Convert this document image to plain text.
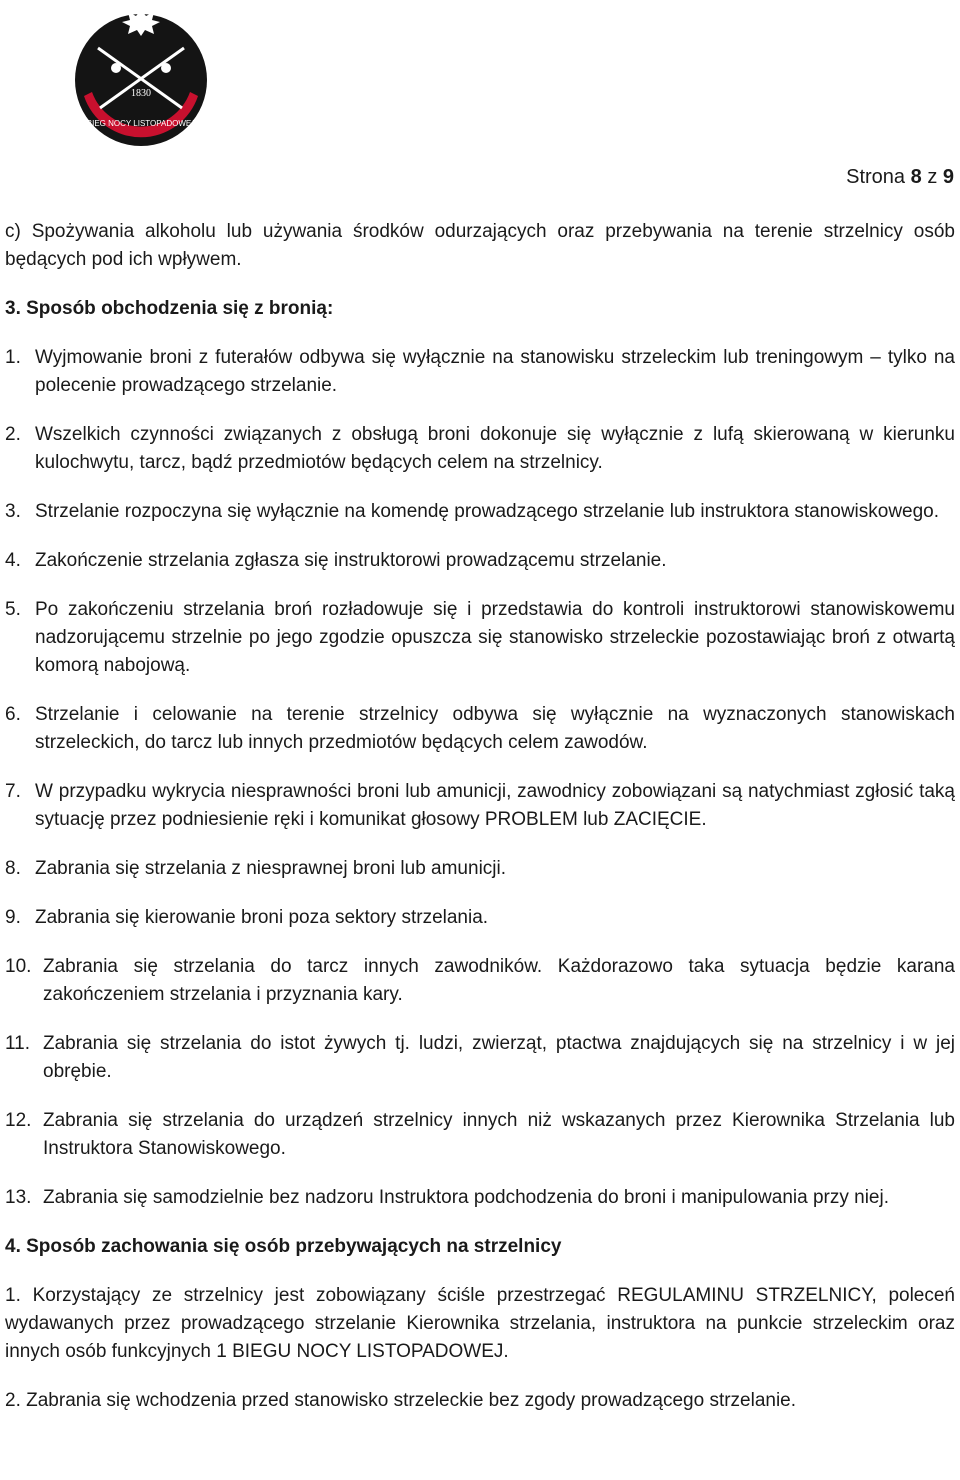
1830
BIEG NOCY LISTOPADOWEJ
Strona 8 z 9

c) Spożywania alkoholu lub używania środków odurzających oraz przebywania na terenie strzelnicy osób będących pod ich wpływem.

3. Sposób obchodzenia się z bronią:
1. Wyjmowanie broni z futerałów odbywa się wyłącznie na stanowisku strzeleckim lub treningowym – tylko na polecenie prowadzącego strzelanie.
2. Wszelkich czynności związanych z obsługą broni dokonuje się wyłącznie z lufą skierowaną w kierunku kulochwytu, tarcz, bądź przedmiotów będących celem na strzelnicy.
3. Strzelanie rozpoczyna się wyłącznie na komendę prowadzącego strzelanie lub instruktora stanowiskowego.
4. Zakończenie strzelania zgłasza się instruktorowi prowadzącemu strzelanie.
5. Po zakończeniu strzelania broń rozładowuje się i przedstawia do kontroli instruktorowi stanowiskowemu nadzorującemu strzelnie po jego zgodzie opuszcza się stanowisko strzeleckie pozostawiając broń z otwartą komorą nabojową.
6. Strzelanie i celowanie na terenie strzelnicy odbywa się wyłącznie na wyznaczonych stanowiskach strzeleckich, do tarcz lub innych przedmiotów będących celem zawodów.
7. W przypadku wykrycia niesprawności broni lub amunicji, zawodnicy zobowiązani są natychmiast zgłosić taką sytuację przez podniesienie ręki i komunikat głosowy PROBLEM lub ZACIĘCIE.
8. Zabrania się strzelania z niesprawnej broni lub amunicji.
9. Zabrania się kierowanie broni poza sektory strzelania.
10. Zabrania się strzelania do tarcz innych zawodników. Każdorazowo taka sytuacja będzie karana zakończeniem strzelania i przyznania kary.
11. Zabrania się strzelania do istot żywych tj. ludzi, zwierząt, ptactwa znajdujących się na strzelnicy i w jej obrębie.
12. Zabrania się strzelania do urządzeń strzelnicy innych niż wskazanych przez Kierownika Strzelania lub Instruktora Stanowiskowego.
13. Zabrania się samodzielnie bez nadzoru Instruktora podchodzenia do broni i manipulowania przy niej.
4. Sposób zachowania się osób przebywających na strzelnicy

1. Korzystający ze strzelnicy jest zobowiązany ściśle przestrzegać REGULAMINU STRZELNICY, poleceń wydawanych przez prowadzącego strzelanie Kierownika strzelania, instruktora na punkcie strzeleckim oraz innych osób funkcyjnych 1 BIEGU NOCY LISTOPADOWEJ.

2. Zabrania się wchodzenia przed stanowisko strzeleckie bez zgody prowadzącego strzelanie.
